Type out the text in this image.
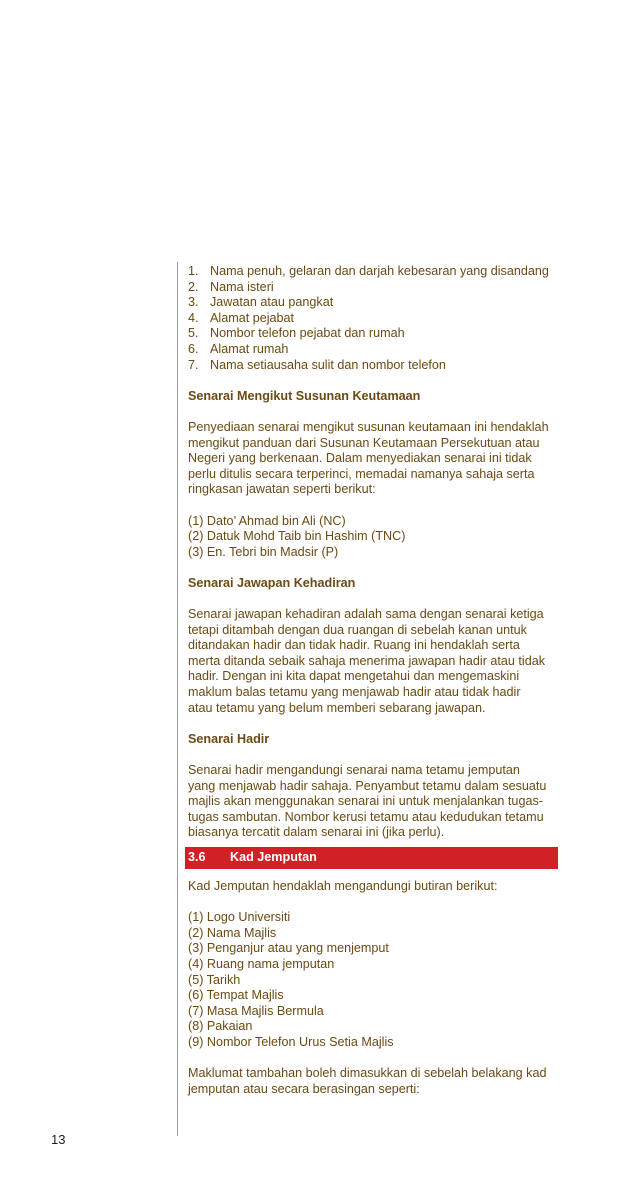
1. Nama penuh, gelaran dan darjah kebesaran yang disandang
2. Nama isteri
3. Jawatan atau pangkat
4. Alamat pejabat
5. Nombor telefon pejabat dan rumah
6. Alamat rumah
7. Nama setiausaha sulit dan nombor telefon

Senarai Mengikut Susunan Keutamaan

Penyediaan senarai mengikut susunan keutamaan ini hendaklah

mengikut panduan dari Susunan Keutamaan Persekutuan atau

Negeri yang berkenaan. Dalam menyediakan senarai ini tidak

perlu ditulis secara terperinci, memadai namanya sahaja serta

ringkasan jawatan seperti berikut:

(1) Dato’ Ahmad bin Ali (NC)
(2) Datuk Mohd Taib bin Hashim (TNC)
(3) En. Tebri bin Madsir (P)

Senarai Jawapan Kehadiran

Senarai jawapan kehadiran adalah sama dengan senarai ketiga

tetapi ditambah dengan dua ruangan di sebelah kanan untuk

ditandakan hadir dan tidak hadir. Ruang ini hendaklah serta

merta ditanda sebaik sahaja menerima jawapan hadir atau tidak

hadir. Dengan ini kita dapat mengetahui dan mengemaskini

maklum balas tetamu yang menjawab hadir atau tidak hadir

atau tetamu yang belum memberi sebarang jawapan.

Senarai Hadir

Senarai hadir mengandungi senarai nama tetamu jemputan

yang menjawab hadir sahaja. Penyambut tetamu dalam sesuatu

majlis akan menggunakan senarai ini untuk menjalankan tugas-

tugas sambutan. Nombor kerusi tetamu atau kedudukan tetamu

biasanya tercatit dalam senarai ini (jika perlu).

3.6	Kad Jemputan

Kad Jemputan hendaklah mengandungi butiran berikut:

(1) Logo Universiti
(2) Nama Majlis
(3) Penganjur atau yang menjemput
(4) Ruang nama jemputan
(5) Tarikh
(6) Tempat Majlis
(7) Masa Majlis Bermula
(8) Pakaian
(9) Nombor Telefon Urus Setia Majlis

Maklumat tambahan boleh dimasukkan di sebelah belakang kad

jemputan atau secara berasingan seperti:

13
